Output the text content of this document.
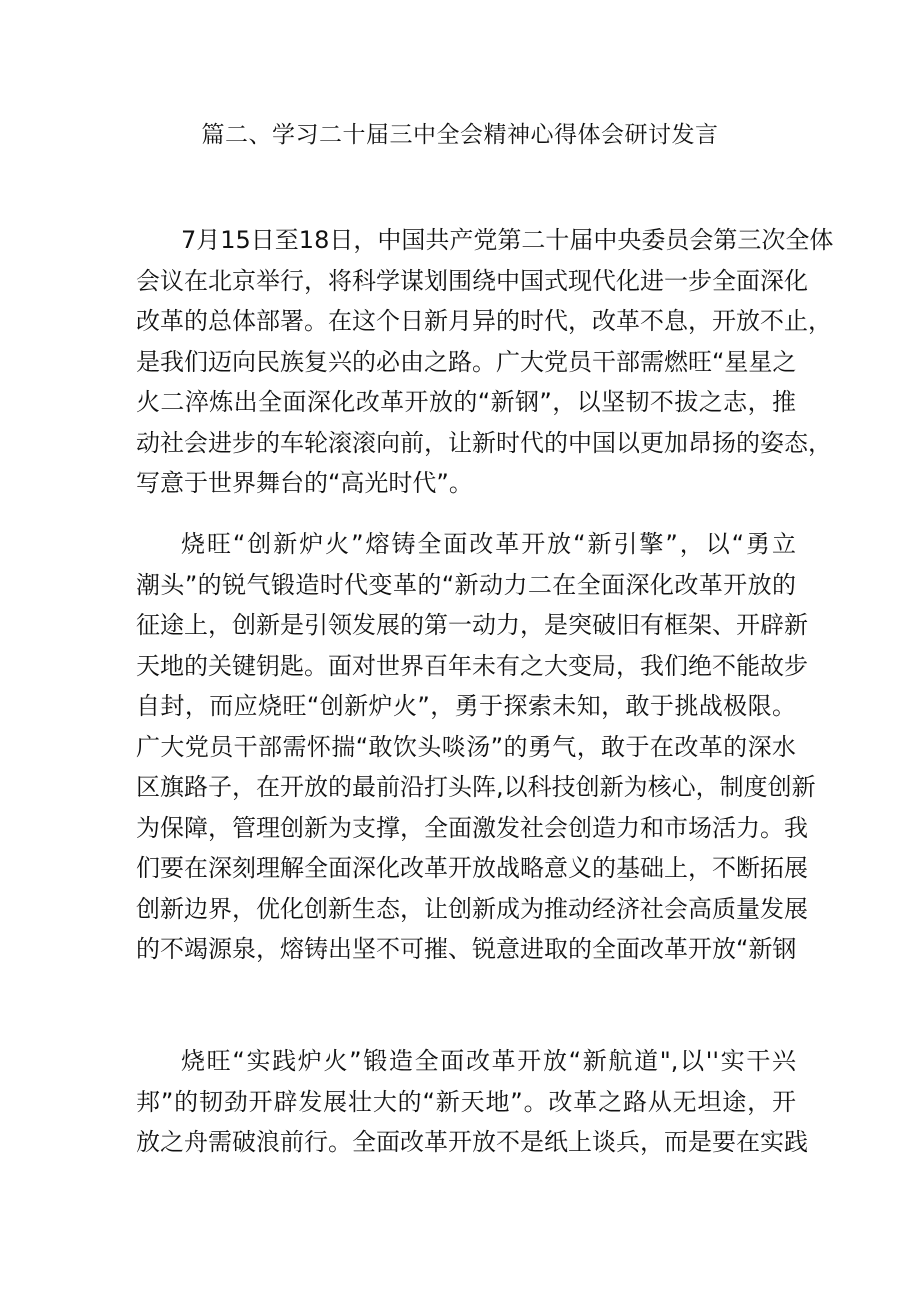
篇二、学习二十届三中全会精神心得体会研讨发言
7月15日至18日，中国共产党第二十届中央委员会第三次全体
会议在北京举行，将科学谋划围绕中国式现代化进一步全面深化
改革的总体部署。在这个日新月异的时代，改革不息，开放不止，
是我们迈向民族复兴的必由之路。广大党员干部需燃旺“星星之
火二淬炼出全面深化改革开放的“新钢”，以坚韧不拔之志，推
动社会进步的车轮滚滚向前，让新时代的中国以更加昂扬的姿态，
写意于世界舞台的“高光时代”。
烧旺“创新炉火”熔铸全面改革开放“新引擎”，以“勇立
潮头”的锐气锻造时代变革的“新动力二在全面深化改革开放的
征途上，创新是引领发展的第一动力，是突破旧有框架、开辟新
天地的关键钥匙。面对世界百年未有之大变局，我们绝不能故步
自封，而应烧旺“创新炉火”，勇于探索未知，敢于挑战极限。
广大党员干部需怀揣“敢饮头啖汤”的勇气，敢于在改革的深水
区旗路子，在开放的最前沿打头阵,以科技创新为核心，制度创新
为保障，管理创新为支撑，全面激发社会创造力和市场活力。我
们要在深刻理解全面深化改革开放战略意义的基础上，不断拓展
创新边界，优化创新生态，让创新成为推动经济社会高质量发展
的不竭源泉，熔铸出坚不可摧、锐意进取的全面改革开放“新钢
烧旺“实践炉火”锻造全面改革开放“新航道",以''实干兴
邦”的韧劲开辟发展壮大的“新天地”。改革之路从无坦途，开
放之舟需破浪前行。全面改革开放不是纸上谈兵，而是要在实践
